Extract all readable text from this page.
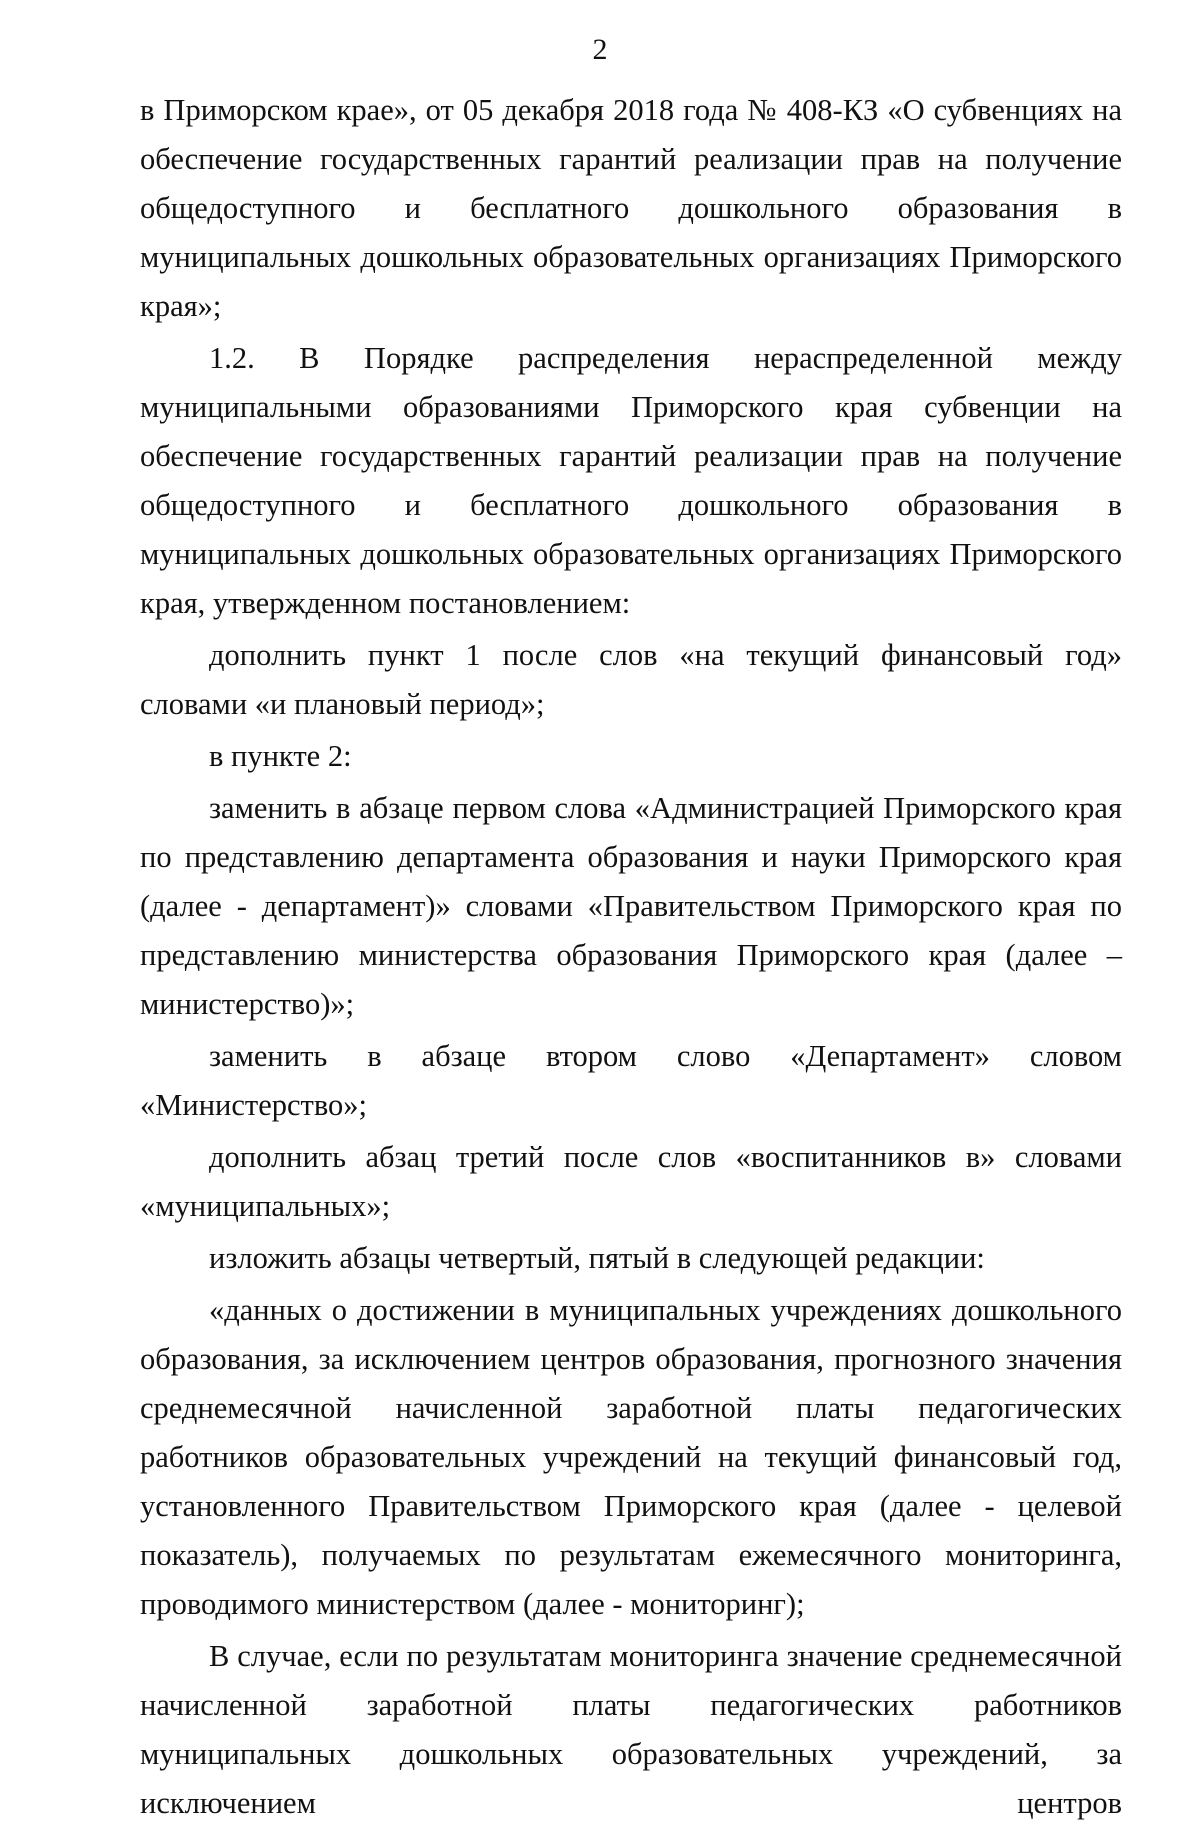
2

в Приморском крае», от 05 декабря 2018 года № 408-КЗ «О субвенциях на обеспечение государственных гарантий реализации прав на получение общедоступного и бесплатного дошкольного образования в муниципальных дошкольных образовательных организациях Приморского края»;

1.2. В Порядке распределения нераспределенной между муниципальными образованиями Приморского края субвенции на обеспечение государственных гарантий реализации прав на получение общедоступного и бесплатного дошкольного образования в муниципальных дошкольных образовательных организациях Приморского края, утвержденном постановлением:

дополнить пункт 1 после слов «на текущий финансовый год» словами «и плановый период»;

в пункте 2:

заменить в абзаце первом слова «Администрацией Приморского края по представлению департамента образования и науки Приморского края (далее - департамент)» словами «Правительством Приморского края по представлению министерства образования Приморского края (далее – министерство)»;

заменить в абзаце втором слово «Департамент» словом «Министерство»;

дополнить абзац третий после слов «воспитанников в» словами «муниципальных»;

изложить абзацы четвертый, пятый в следующей редакции:

«данных о достижении в муниципальных учреждениях дошкольного образования, за исключением центров образования, прогнозного значения среднемесячной начисленной заработной платы педагогических работников образовательных учреждений на текущий финансовый год, установленного Правительством Приморского края (далее - целевой показатель), получаемых по результатам ежемесячного мониторинга, проводимого министерством (далее - мониторинг);

В случае, если по результатам мониторинга значение среднемесячной начисленной заработной платы педагогических работников муниципальных дошкольных образовательных учреждений, за исключением центров
